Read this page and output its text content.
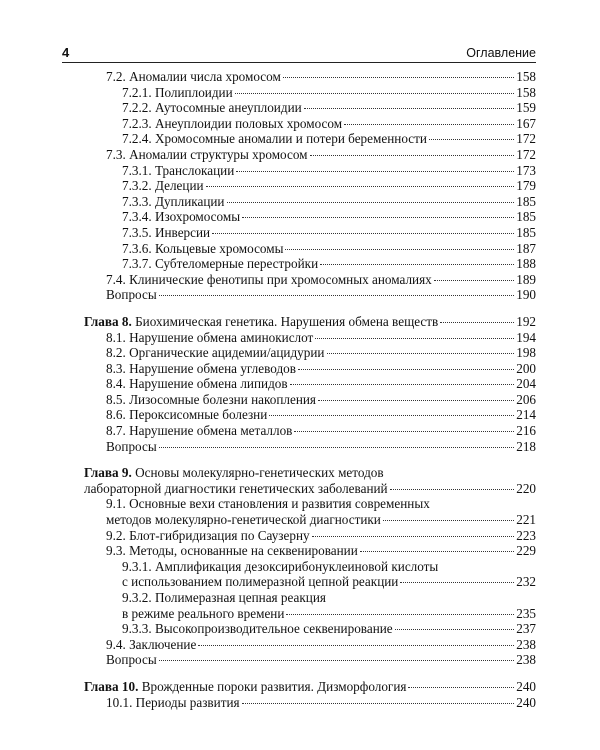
4	Оглавление
7.2. Аномалии числа хромосом	158
7.2.1. Полиплоидии	158
7.2.2. Аутосомные анеуплоидии	159
7.2.3. Анеуплоидии половых хромосом	167
7.2.4. Хромосомные аномалии и потери беременности	172
7.3. Аномалии структуры хромосом	172
7.3.1. Транслокации	173
7.3.2. Делеции	179
7.3.3. Дупликации	185
7.3.4. Изохромосомы	185
7.3.5. Инверсии	185
7.3.6. Кольцевые хромосомы	187
7.3.7. Субтеломерные перестройки	188
7.4. Клинические фенотипы при хромосомных аномалиях	189
Вопросы	190
Глава 8. Биохимическая генетика. Нарушения обмена веществ	192
8.1. Нарушение обмена аминокислот	194
8.2. Органические ацидемии/ацидурии	198
8.3. Нарушение обмена углеводов	200
8.4. Нарушение обмена липидов	204
8.5. Лизосомные болезни накопления	206
8.6. Пероксисомные болезни	214
8.7. Нарушение обмена металлов	216
Вопросы	218
Глава 9. Основы молекулярно-генетических методов
лабораторной диагностики генетических заболеваний	220
9.1. Основные вехи становления и развития современных
методов молекулярно-генетической диагностики	221
9.2. Блот-гибридизация по Саузерну	223
9.3. Методы, основанные на секвенировании	229
9.3.1. Амплификация дезоксирибонуклеиновой кислоты
с использованием полимеразной цепной реакции	232
9.3.2. Полимеразная цепная реакция
в режиме реального времени	235
9.3.3. Высокопроизводительное секвенирование	237
9.4. Заключение	238
Вопросы	238
Глава 10. Врожденные пороки развития. Дизморфология	240
10.1. Периоды развития	240
